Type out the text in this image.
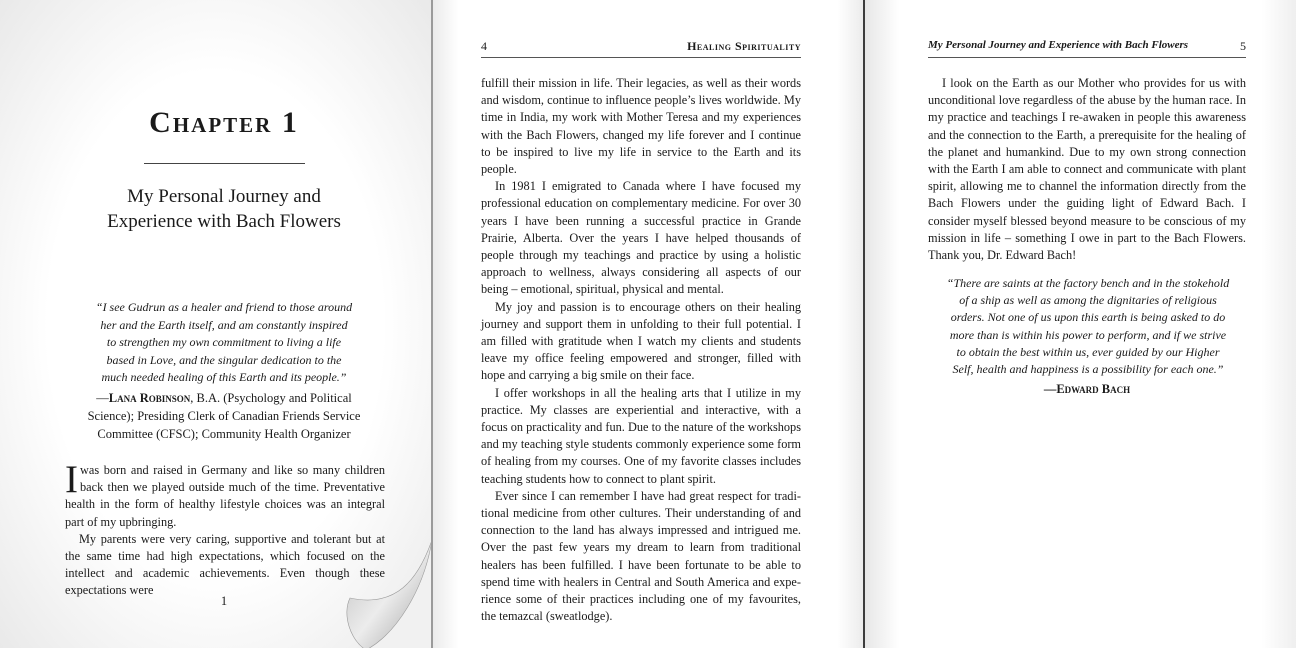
Chapter 1
My Personal Journey and
Experience with Bach Flowers
“I see Gudrun as a healer and friend to those around
her and the Earth itself, and am constantly inspired
to strengthen my own commitment to living a life
based in Love, and the singular dedication to the
much needed healing of this Earth and its people.”
—Lana Robinson, B.A. (Psychology and Political
Science); Presiding Clerk of Canadian Friends Service
Committee (CFSC); Community Health Organizer

Iwas born and raised in Germany and like so many children back then we played outside much of the time. Preventative health in the form of healthy lifestyle choices was an integral part of my upbringing.

My parents were very caring, supportive and tolerant but at the same time had high expectations, which focused on the intellect and academic achievements. Even though these expectations were

1
4	Healing Spirituality

fulfill their mission in life. Their legacies, as well as their words and wisdom, continue to influence people’s lives worldwide. My time in India, my work with Mother Teresa and my experiences with the Bach Flowers, changed my life forever and I continue to be inspired to live my life in service to the Earth and its people.

In 1981 I emigrated to Canada where I have focused my professional education on complementary medicine. For over 30 years I have been running a successful practice in Grande Prairie, Alberta. Over the years I have helped thousands of people through my teachings and practice by using a holistic approach to wellness, always considering all aspects of our being – emotional, spiritual, physical and mental.

My joy and passion is to encourage others on their healing journey and support them in unfolding to their full potential. I am filled with gratitude when I watch my clients and students leave my office feeling empowered and stronger, filled with hope and carrying a big smile on their face.

I offer workshops in all the healing arts that I utilize in my practice. My classes are experiential and interactive, with a focus on practicality and fun. Due to the nature of the workshops and my teaching style students commonly experience some form of healing from my courses. One of my favorite classes includes teaching students how to connect to plant spirit.

Ever since I can remember I have had great respect for traditional medicine from other cultures. Their understanding of and connection to the land has always impressed and intrigued me. Over the past few years my dream to learn from traditional healers has been fulfilled. I have been fortunate to be able to spend time with healers in Central and South America and experience some of their practices including one of my favourites, the temazcal (sweatlodge).

My Personal Journey and Experience with Bach Flowers	5

I look on the Earth as our Mother who provides for us with unconditional love regardless of the abuse by the human race. In my practice and teachings I re-awaken in people this awareness and the connection to the Earth, a prerequisite for the healing of the planet and humankind. Due to my own strong connection with the Earth I am able to connect and communicate with plant spirit, allowing me to channel the information directly from the Bach Flowers under the guiding light of Edward Bach. I consider myself blessed beyond measure to be conscious of my mission in life – something I owe in part to the Bach Flowers. Thank you, Dr. Edward Bach!

“There are saints at the factory bench and in the stokehold
of a ship as well as among the dignitaries of religious
orders. Not one of us upon this earth is being asked to do
more than is within his power to perform, and if we strive
to obtain the best within us, ever guided by our Higher
Self, health and happiness is a possibility for each one.”
—Edward Bach
